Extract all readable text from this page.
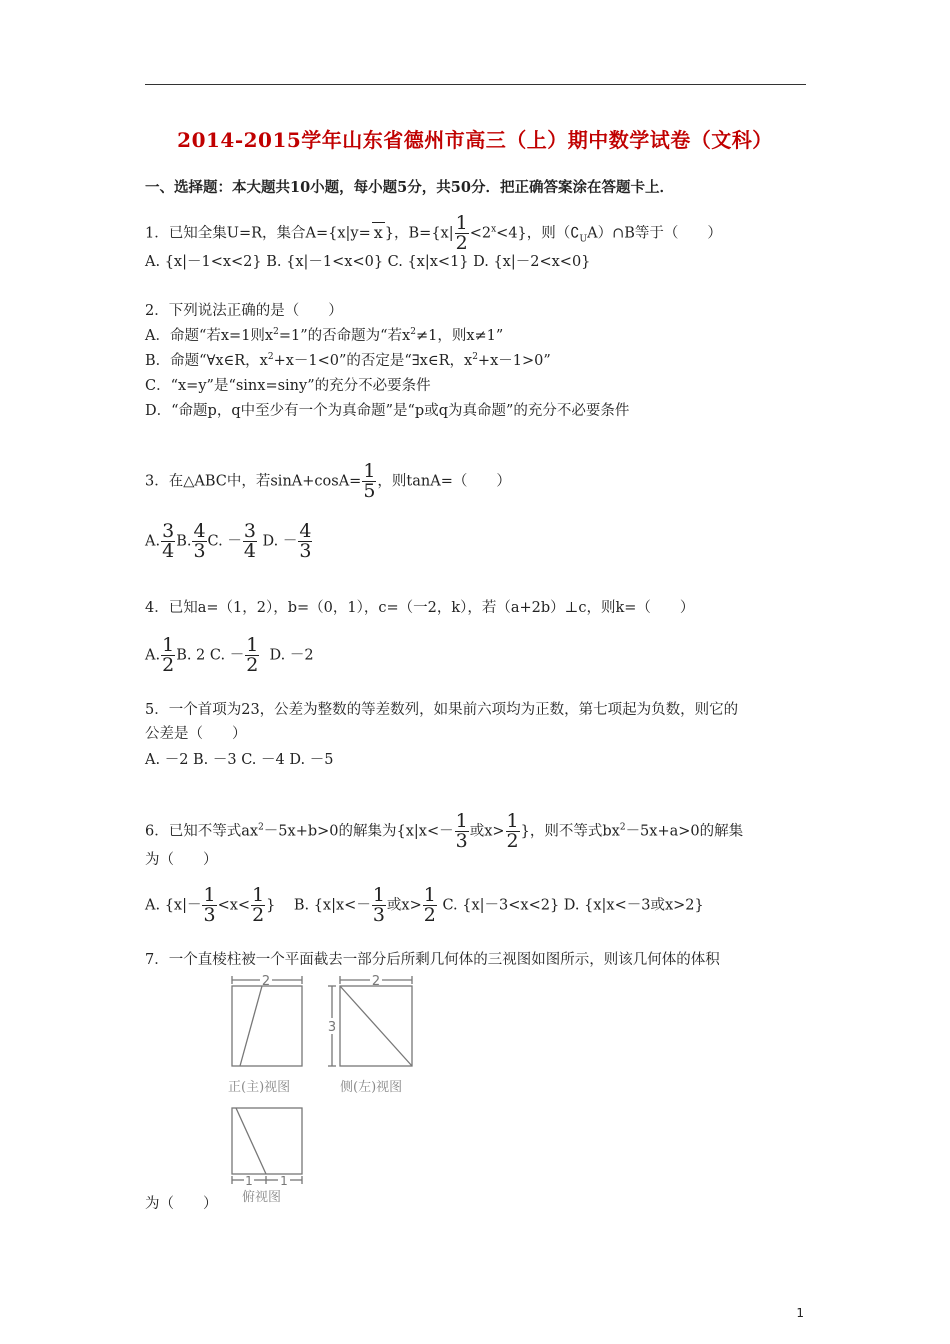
2014-2015学年山东省德州市高三（上）期中数学试卷（文科）
一、选择题：本大题共10小题，每小题5分，共50分．把正确答案涂在答题卡上．
1．已知全集U=R，集合A={x|y= x }，$B=\{x| \frac{1}{2} <2^x<4\}$，则$(∁_UA)\cap B$等于（　　）
A. {x|－1<x<2} B. {x|－1<x<0} C. {x|x<1} D. {x|－2<x<0}
2．下列说法正确的是（　　）
A．命题“若x=1则$x^2=1$”的否命题为“若$x^2\ne 1$，则x≠1”
B．命题“∀x∈R，$x^2+x-1<0$”的否定是“∃x∈R，$x^2+x-1>0$”
C．“x=y”是“sinx=siny”的充分不必要条件
D．“命题p，q中至少有一个为真命题”是“p或q为真命题”的充分不必要条件
3．在△ABC中，若$\sin A+\cos A= \frac{1}{5}$ ，则tanA=（　　）
A. $\frac{3}{4} B$. $\frac{4}{3} C$. － $\frac{3}{4} D$. － $\frac{4}{3}$
4．已知a=（1，2），b=（0，1），c=（一2，k），若（a+2b）⊥c，则k=（　　）
A. $\frac{1}{2} B$. 2 C. － $\frac{1}{2} D$. －2
5．一个首项为23，公差为整数的等差数列，如果前六项均为正数，第七项起为负数，则它的
公差是（　　）
A. －2 B. －3 C. －4 D. －5
6．已知不等式$ax^2-5x+b>0$的解集为{$x|x<- \frac{1}{3}$ 或$x> \frac{1}{2}$ }，则不等式$bx^2-5x+a>0$的解集
为（　　）
A. {$x|- \frac{1}{3} <x< \frac{1}{2}$ } B. {$x|x<- \frac{1}{3}$ 或$x> \frac{1}{2} C$. {x|－3<x<2} D. {x|x<－3或x>2}
7．一个直棱柱被一个平面截去一部分后所剩几何体的三视图如图所示，则该几何体的体积
2
正(主)视图
2
3
侧(左)视图
1 1
俯视图
为（　　）
1
